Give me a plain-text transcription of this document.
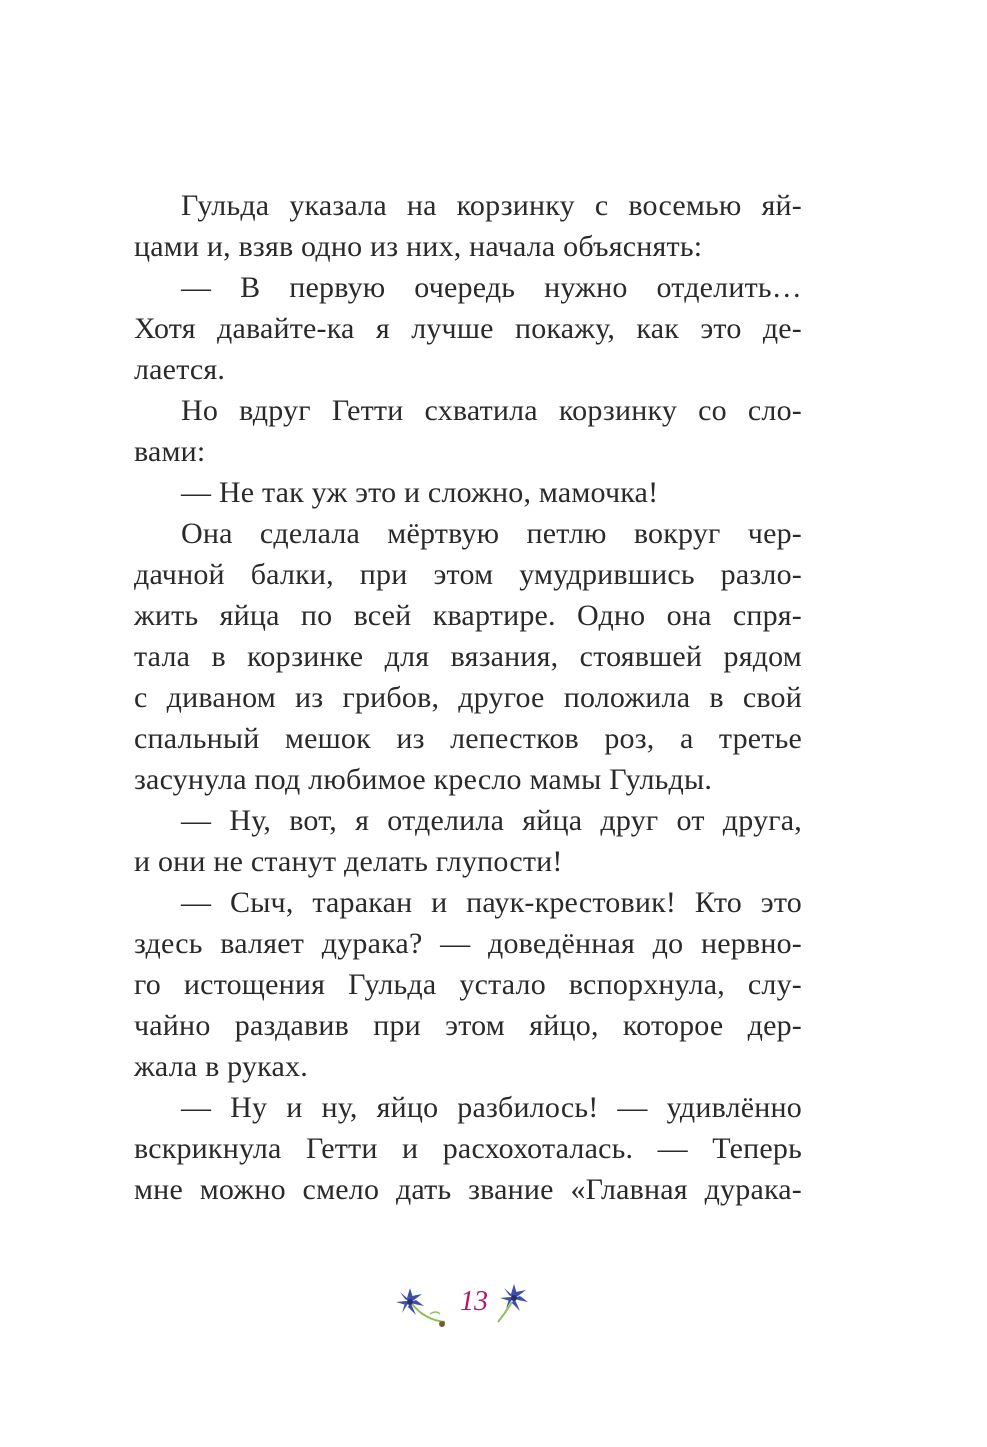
Гульда указала на корзинку с восемью яй-
цами и, взяв одно из них, начала объяснять:
— В первую очередь нужно отделить…
Хотя давайте-ка я лучше покажу, как это де-
лается.
Но вдруг Гетти схватила корзинку со сло-
вами:
— Не так уж это и сложно, мамочка!
Она сделала мёртвую петлю вокруг чер-
дачной балки, при этом умудрившись разло-
жить яйца по всей квартире. Одно она спря-
тала в корзинке для вязания, стоявшей рядом
с диваном из грибов, другое положила в свой
спальный мешок из лепестков роз, а третье
засунула под любимое кресло мамы Гульды.
— Ну, вот, я отделила яйца друг от друга,
и они не станут делать глупости!
— Сыч, таракан и паук-крестовик! Кто это
здесь валяет дурака? — доведённая до нервно-
го истощения Гульда устало вспорхнула, слу-
чайно раздавив при этом яйцо, которое дер-
жала в руках.
— Ну и ну, яйцо разбилось! — удивлённо
вскрикнула Гетти и расхохоталась. — Теперь
мне можно смело дать звание «Главная дурака-
13
